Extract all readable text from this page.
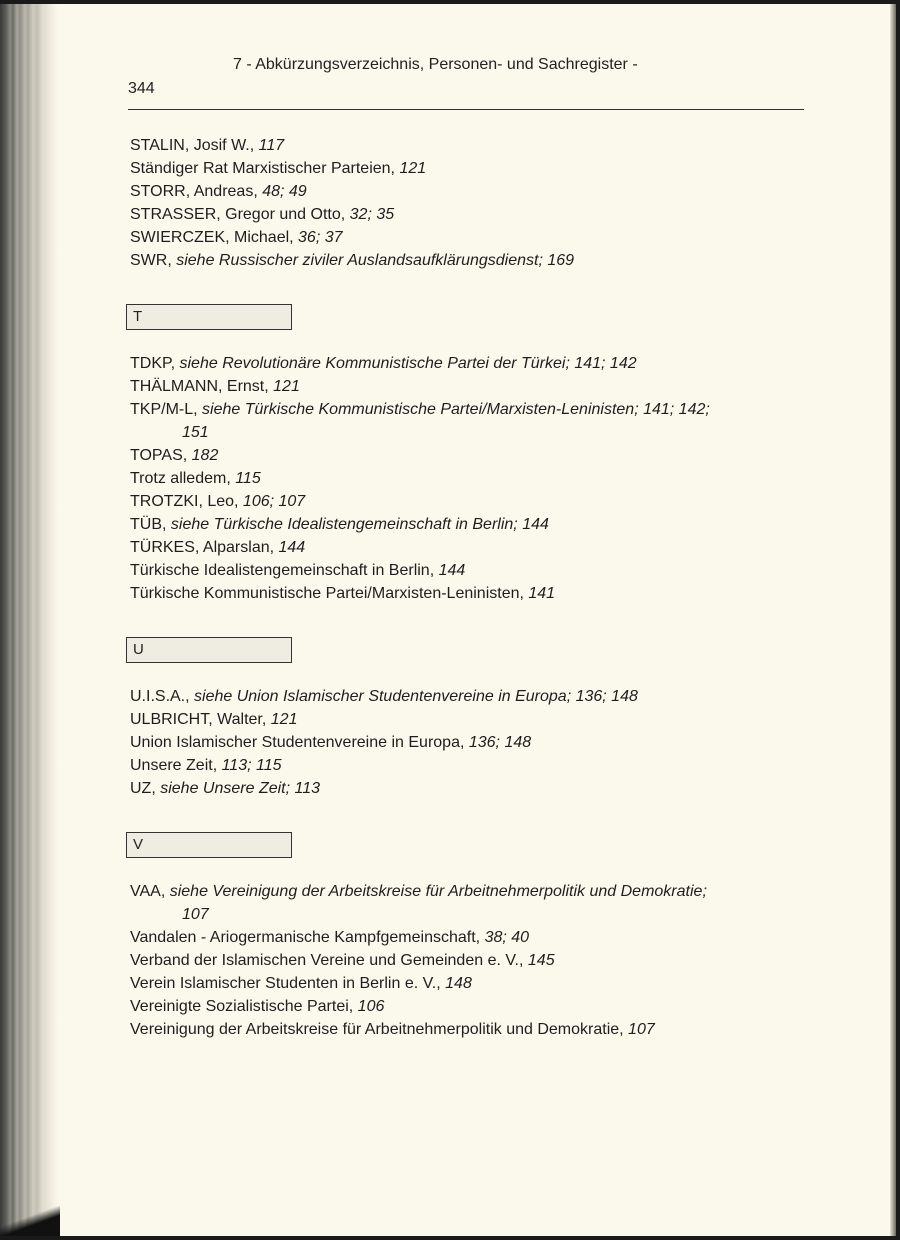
344
7 - Abkürzungsverzeichnis, Personen- und Sachregister -
STALIN, Josif W., 117
Ständiger Rat Marxistischer Parteien, 121
STORR, Andreas, 48; 49
STRASSER, Gregor und Otto, 32; 35
SWIERCZEK, Michael, 36; 37
SWR, siehe Russischer ziviler Auslandsaufklärungsdienst; 169
T
TDKP, siehe Revolutionäre Kommunistische Partei der Türkei; 141; 142
THÄLMANN, Ernst, 121
TKP/M-L, siehe Türkische Kommunistische Partei/Marxisten-Leninisten; 141; 142;
151
TOPAS, 182
Trotz alledem, 115
TROTZKI, Leo, 106; 107
TÜB, siehe Türkische Idealistengemeinschaft in Berlin; 144
TÜRKES, Alparslan, 144
Türkische Idealistengemeinschaft in Berlin, 144
Türkische Kommunistische Partei/Marxisten-Leninisten, 141
U
U.I.S.A., siehe Union Islamischer Studentenvereine in Europa; 136; 148
ULBRICHT, Walter, 121
Union Islamischer Studentenvereine in Europa, 136; 148
Unsere Zeit, 113; 115
UZ, siehe Unsere Zeit; 113
V
VAA, siehe Vereinigung der Arbeitskreise für Arbeitnehmerpolitik und Demokratie;
107
Vandalen - Ariogermanische Kampfgemeinschaft, 38; 40
Verband der Islamischen Vereine und Gemeinden e. V., 145
Verein Islamischer Studenten in Berlin e. V., 148
Vereinigte Sozialistische Partei, 106
Vereinigung der Arbeitskreise für Arbeitnehmerpolitik und Demokratie, 107
